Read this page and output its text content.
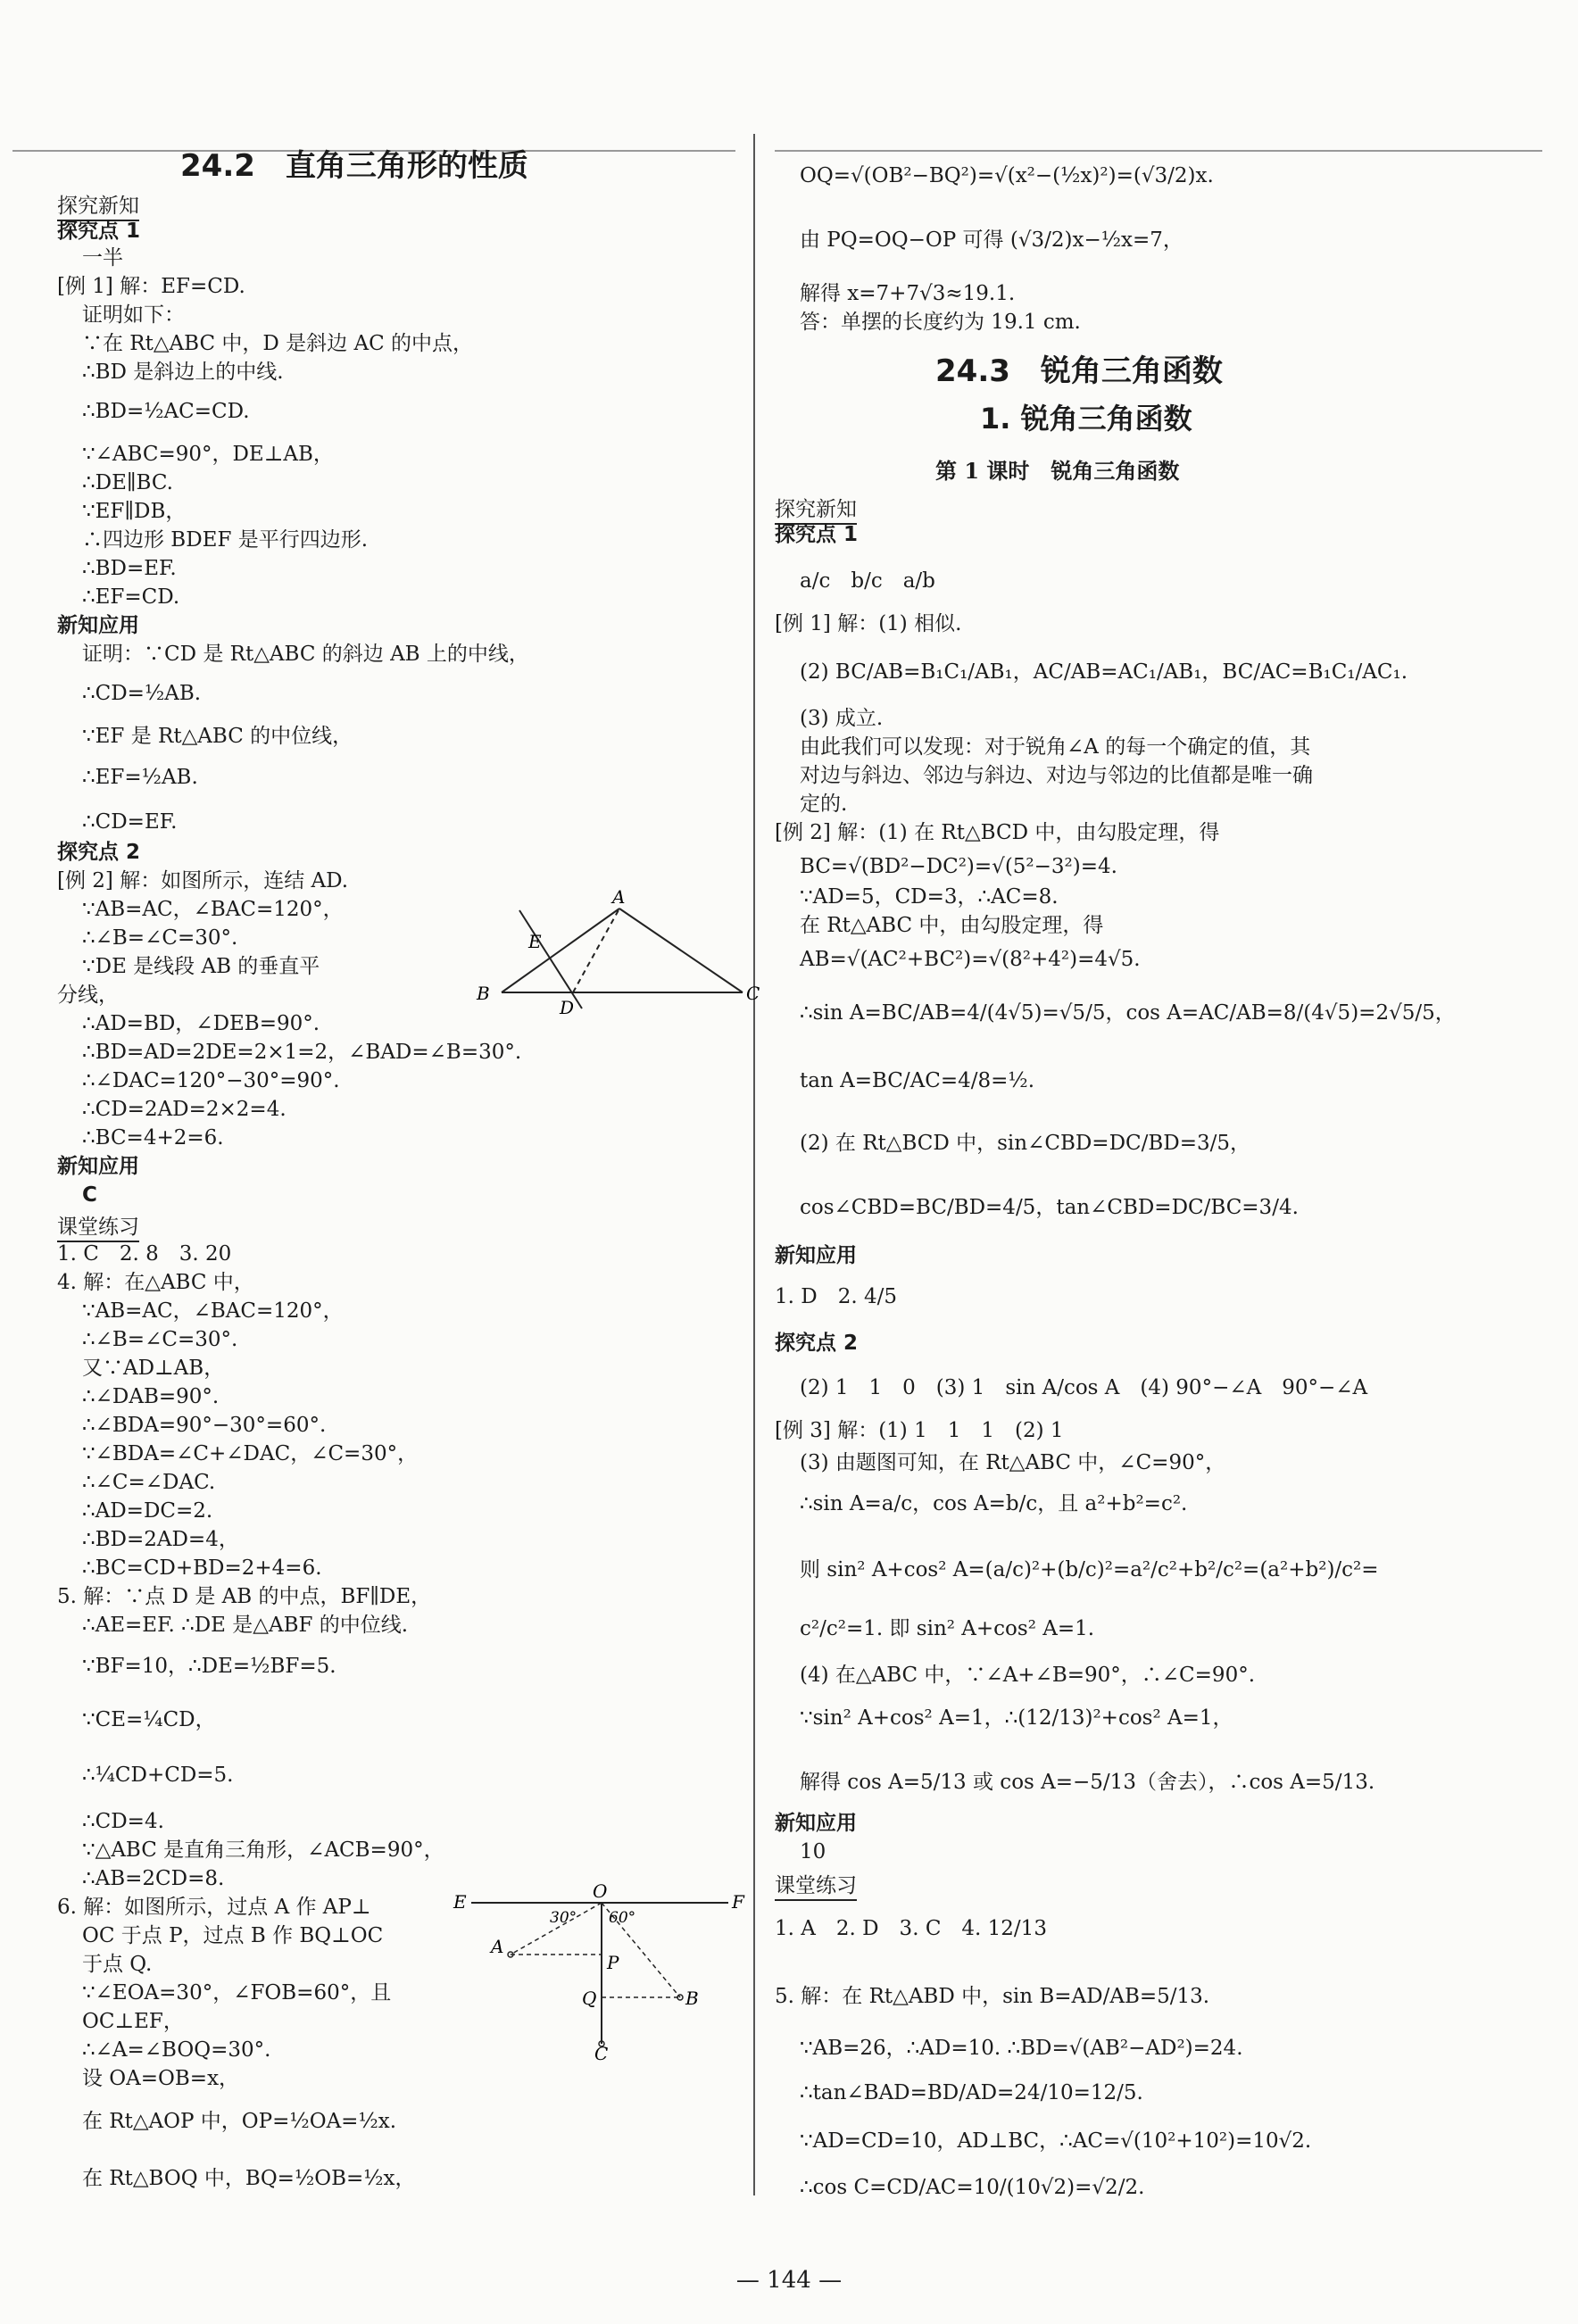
24.2　直角三角形的性质
探究新知
探究点 1
一半
[例 1] 解：EF=CD.
证明如下：
∵在 Rt△ABC 中，D 是斜边 AC 的中点，
∴BD 是斜边上的中线.
∴BD=½AC=CD.
∵∠ABC=90°，DE⊥AB，
∴DE∥BC.
∵EF∥DB，
∴四边形 BDEF 是平行四边形.
∴BD=EF.
∴EF=CD.
新知应用
证明：∵CD 是 Rt△ABC 的斜边 AB 上的中线，
∴CD=½AB.
∵EF 是 Rt△ABC 的中位线，
∴EF=½AB.
∴CD=EF.
探究点 2
[例 2] 解：如图所示，连结 AD.
∵AB=AC，∠BAC=120°，
∴∠B=∠C=30°.
∵DE 是线段 AB 的垂直平
分线，
∴AD=BD，∠DEB=90°.
∴BD=AD=2DE=2×1=2，∠BAD=∠B=30°.
∴∠DAC=120°−30°=90°.
∴CD=2AD=2×2=4.
∴BC=4+2=6.
新知应用
C
课堂练习
1. C　2. 8　3. 20
4. 解：在△ABC 中，
∵AB=AC，∠BAC=120°，
∴∠B=∠C=30°.
又∵AD⊥AB，
∴∠DAB=90°.
∴∠BDA=90°−30°=60°.
∵∠BDA=∠C+∠DAC，∠C=30°，
∴∠C=∠DAC.
∴AD=DC=2.
∴BD=2AD=4，
∴BC=CD+BD=2+4=6.
5. 解：∵点 D 是 AB 的中点，BF∥DE，
∴AE=EF. ∴DE 是△ABF 的中位线.
∵BF=10，∴DE=½BF=5.
∵CE=¼CD，
∴¼CD+CD=5.
∴CD=4.
∵△ABC 是直角三角形，∠ACB=90°，
∴AB=2CD=8.
6. 解：如图所示，过点 A 作 AP⊥
OC 于点 P，过点 B 作 BQ⊥OC
于点 Q.
∵∠EOA=30°，∠FOB=60°，且
OC⊥EF，
∴∠A=∠BOQ=30°.
设 OA=OB=x，
在 Rt△AOP 中，OP=½OA=½x.
在 Rt△BOQ 中，BQ=½OB=½x，
A
B	C
D
E
E	O	F
A
P
Q	B
C
30° 60°
OQ=√(OB²−BQ²)=√(x²−(½x)²)=(√3/2)x.
由 PQ=OQ−OP 可得 (√3/2)x−½x=7，
解得 x=7+7√3≈19.1.
答：单摆的长度约为 19.1 cm.
24.3　锐角三角函数
1. 锐角三角函数
第 1 课时　锐角三角函数
探究新知
探究点 1
a/c　b/c　a/b
[例 1] 解：(1) 相似.
(2) BC/AB=B₁C₁/AB₁，AC/AB=AC₁/AB₁，BC/AC=B₁C₁/AC₁.
(3) 成立.
由此我们可以发现：对于锐角∠A 的每一个确定的值，其
对边与斜边、邻边与斜边、对边与邻边的比值都是唯一确
定的.
[例 2] 解：(1) 在 Rt△BCD 中，由勾股定理，得
BC=√(BD²−DC²)=√(5²−3²)=4.
∵AD=5，CD=3，∴AC=8.
在 Rt△ABC 中，由勾股定理，得
AB=√(AC²+BC²)=√(8²+4²)=4√5.
∴sin A=BC/AB=4/(4√5)=√5/5，cos A=AC/AB=8/(4√5)=2√5/5，
tan A=BC/AC=4/8=½.
(2) 在 Rt△BCD 中，sin∠CBD=DC/BD=3/5，
cos∠CBD=BC/BD=4/5，tan∠CBD=DC/BC=3/4.
新知应用
1. D　2. 4/5
探究点 2
(2) 1　1　0　(3) 1　sin A/cos A　(4) 90°−∠A　90°−∠A
[例 3] 解：(1) 1　1　1　(2) 1
(3) 由题图可知，在 Rt△ABC 中，∠C=90°，
∴sin A=a/c，cos A=b/c，且 a²+b²=c².
则 sin² A+cos² A=(a/c)²+(b/c)²=a²/c²+b²/c²=(a²+b²)/c²=
c²/c²=1. 即 sin² A+cos² A=1.
(4) 在△ABC 中，∵∠A+∠B=90°，∴∠C=90°.
∵sin² A+cos² A=1，∴(12/13)²+cos² A=1，
解得 cos A=5/13 或 cos A=−5/13（舍去），∴cos A=5/13.
新知应用
10
课堂练习
1. A　2. D　3. C　4. 12/13
5. 解：在 Rt△ABD 中，sin B=AD/AB=5/13.
∵AB=26，∴AD=10. ∴BD=√(AB²−AD²)=24.
∴tan∠BAD=BD/AD=24/10=12/5.
∵AD=CD=10，AD⊥BC，∴AC=√(10²+10²)=10√2.
∴cos C=CD/AC=10/(10√2)=√2/2.
— 144 —
